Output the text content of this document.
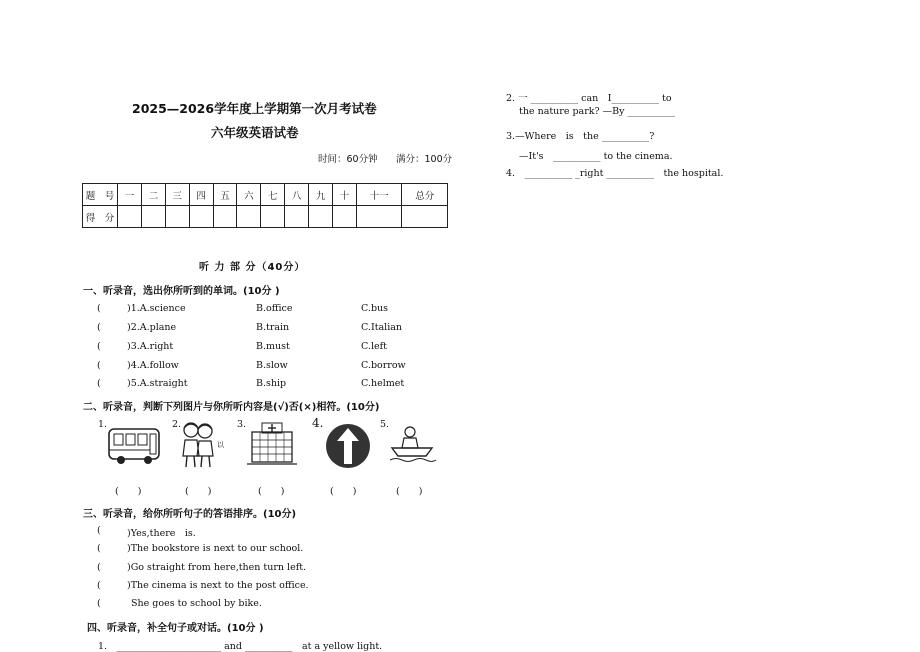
2025—2026学年度上学期第一次月考试卷
六年级英语试卷
时间：60分钟 满分：100分
题　号	一	二	三	四	五	六	七	八	九	十	十一	总分
得　分												
听 力 部 分（40分）
一、听录音，选出你所听到的单词。(10分 )
(	)1.A.science	B.office	C.bus
(	)2.A.plane	B.train	C.Italian
(	)3.A.right	B.must	C.left
(	)4.A.follow	B.slow	C.borrow
(	)5.A.straight	B.ship	C.helmet
二、听录音，判断下列图片与你所听内容是(√)否(×)相符。(10分)
1.	2.
以
3.	4.	5.
(　　)	(　　)	(　　)	(　　)	(　　)
三、听录音，给你所听句子的答语排序。(10分)
(	)Yes,there　is.
(	)The bookstore is next to our school.
(	)Go straight from here,then turn left.
(	)The cinema is next to the post office.
(	She goes to school by bike.
四、听录音，补全句子或对话。(10分 )
1.　______________________ and __________　at a yellow light.
2. 一 __________ can　I__________ to
the nature park? —By __________
3.—Where　is　the __________?
—It's　__________ to the cinema.
4.　__________ _right __________　the hospital.
